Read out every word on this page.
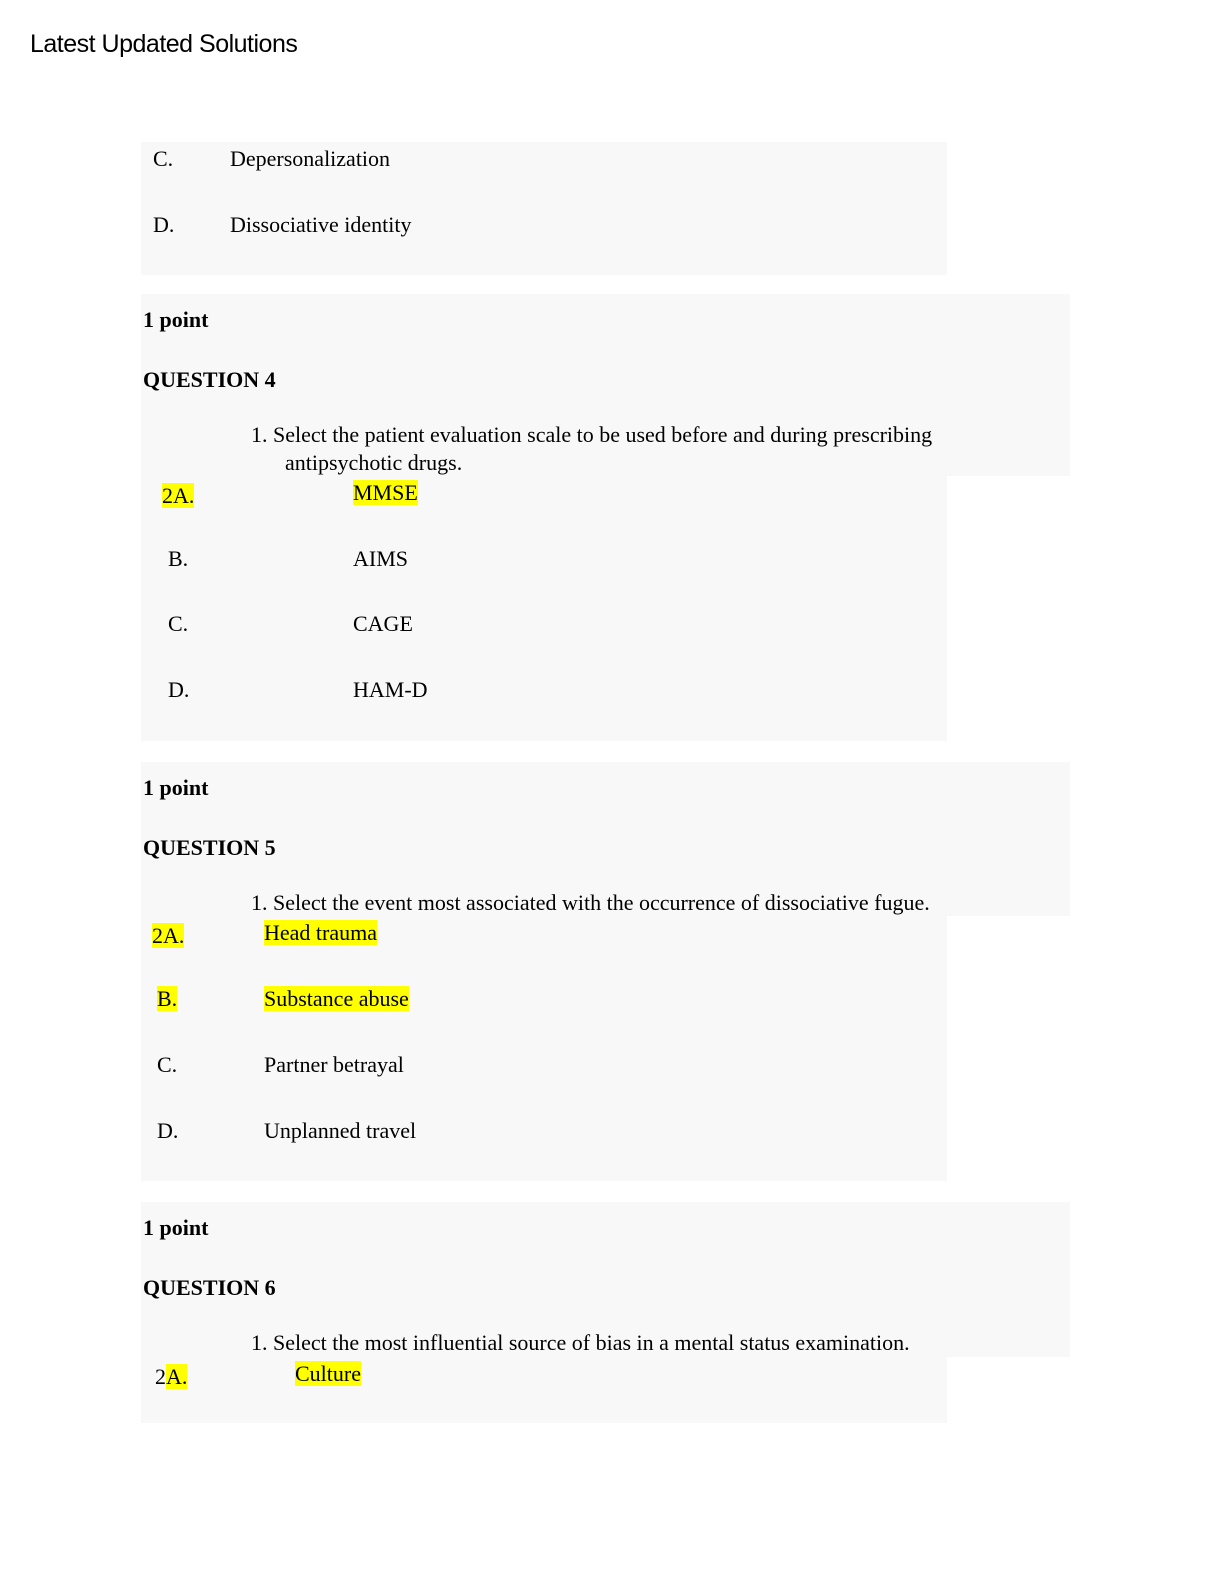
Latest Updated Solutions
C.	Depersonalization
D.	Dissociative identity
1 point
QUESTION 4
1. Select the patient evaluation scale to be used before and during prescribing
antipsychotic drugs.
2A.	MMSE
B.	AIMS
C.	CAGE
D.	HAM-D
1 point
QUESTION 5
1. Select the event most associated with the occurrence of dissociative fugue.
2A.	Head trauma
B.	Substance abuse
C.	Partner betrayal
D.	Unplanned travel
1 point
QUESTION 6
1. Select the most influential source of bias in a mental status examination.
2A.	Culture
